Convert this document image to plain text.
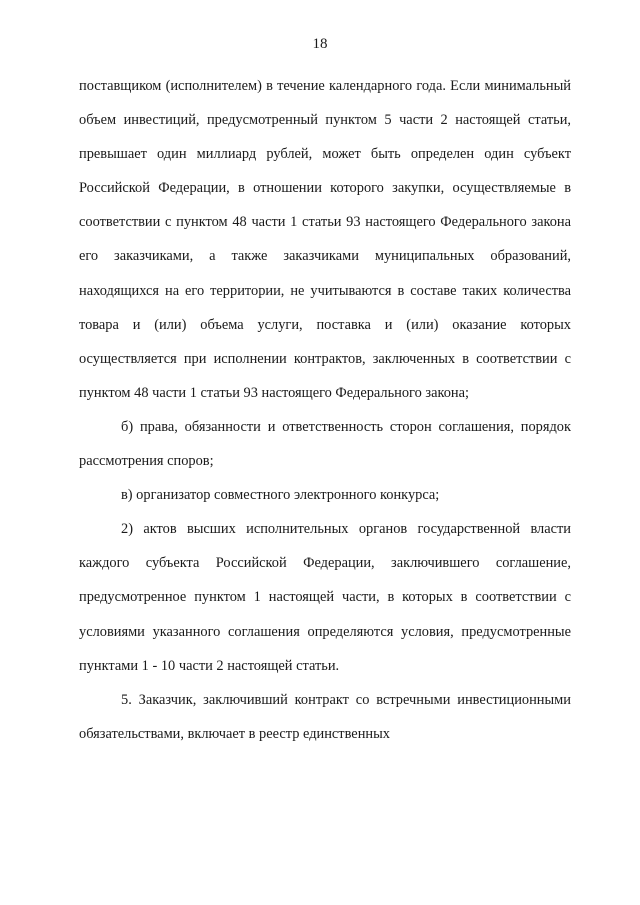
18

поставщиком (исполнителем) в течение календарного года. Если минимальный объем инвестиций, предусмотренный пунктом 5 части 2 настоящей статьи, превышает один миллиард рублей, может быть определен один субъект Российской Федерации, в отношении которого закупки, осуществляемые в соответствии с пунктом 48 части 1 статьи 93 настоящего Федерального закона его заказчиками, а также заказчиками муниципальных образований, находящихся на его территории, не учитываются в составе таких количества товара и (или) объема услуги, поставка и (или) оказание которых осуществляется при исполнении контрактов, заключенных в соответствии с пунктом 48 части 1 статьи 93 настоящего Федерального закона;

б) права, обязанности и ответственность сторон соглашения, порядок рассмотрения споров;

в) организатор совместного электронного конкурса;

2) актов высших исполнительных органов государственной власти каждого субъекта Российской Федерации, заключившего соглашение, предусмотренное пунктом 1 настоящей части, в которых в соответствии с условиями указанного соглашения определяются условия, предусмотренные пунктами 1 - 10 части 2 настоящей статьи.

5. Заказчик, заключивший контракт со встречными инвестиционными обязательствами, включает в реестр единственных
